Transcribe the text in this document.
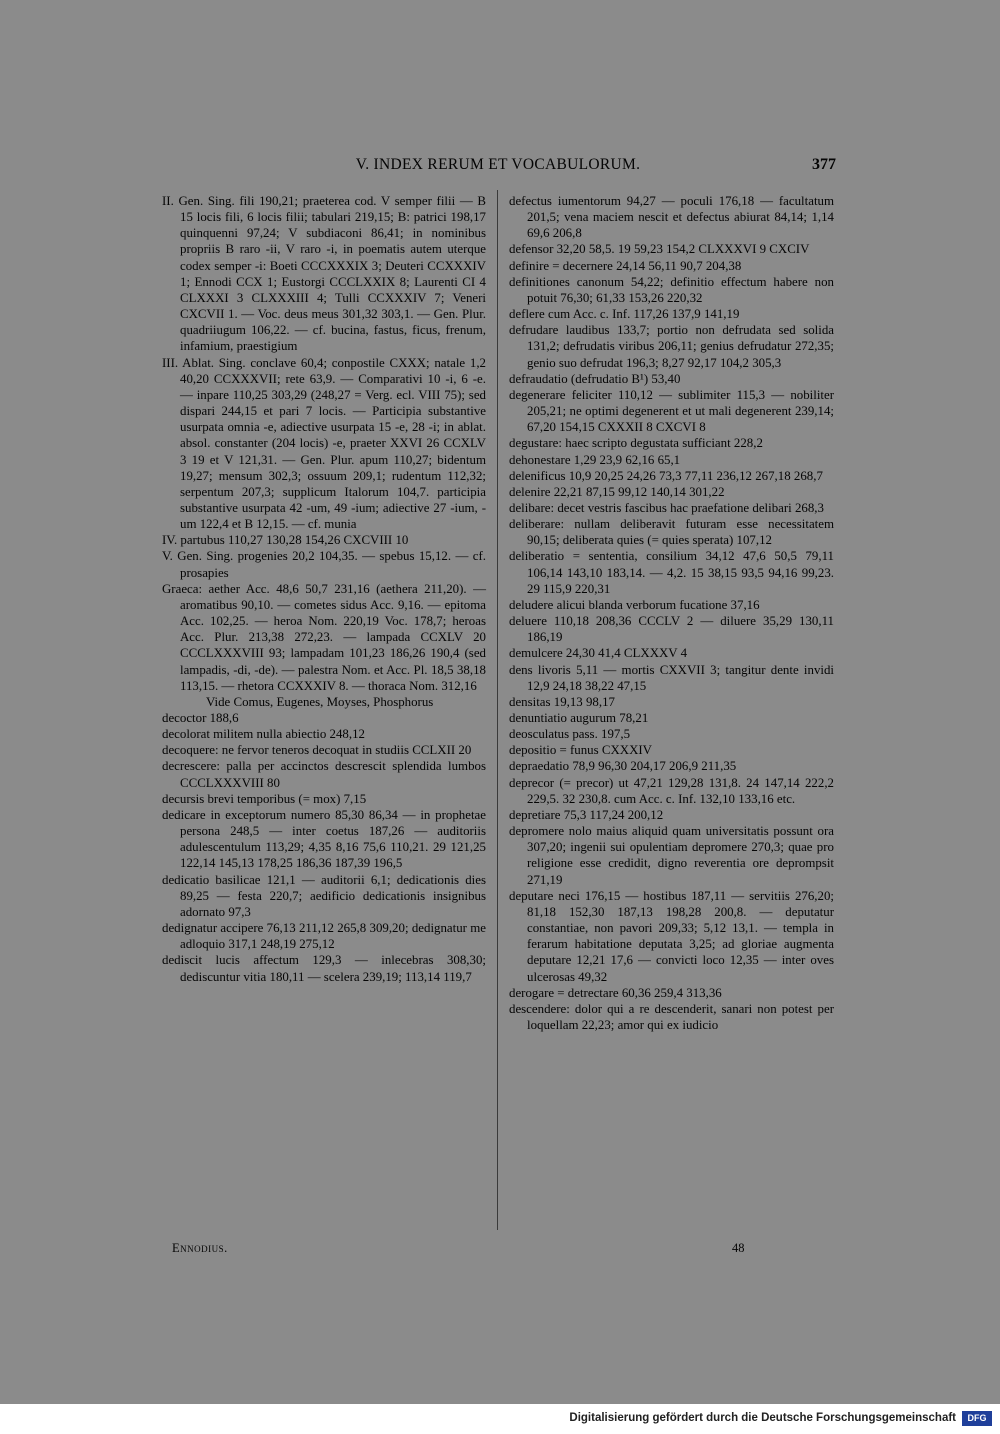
V. INDEX RERUM ET VOCABULORUM.	377

II. Gen. Sing. fili 190,21; praeterea cod. V semper filii — B 15 locis fili, 6 locis filii; tabulari 219,15; B: patrici 198,17 quinquenni 97,24; V subdiaconi 86,41; in nominibus propriis B raro -ii, V raro -i, in poematis autem uterque codex semper -i: Boeti CCCXXXIX 3; Deuteri CCXXXIV 1; Ennodi CCX 1; Eustorgi CCCLXXIX 8; Laurenti CI 4 CLXXXI 3 CLXXXIII 4; Tulli CCXXXIV 7; Veneri CXCVII 1. — Voc. deus meus 301,32 303,1. — Gen. Plur. quadriiugum 106,22. — cf. bucina, fastus, ficus, frenum, infamium, praestigium

III. Ablat. Sing. conclave 60,4; conpostile CXXX; natale 1,2 40,20 CCXXXVII; rete 63,9. — Comparativi 10 -i, 6 -e. — inpare 110,25 303,29 (248,27 = Verg. ecl. VIII 75); sed dispari 244,15 et pari 7 locis. — Participia substantive usurpata omnia -e, adiective usurpata 15 -e, 28 -i; in ablat. absol. constanter (204 locis) -e, praeter XXVI 26 CCXLV 3 19 et V 121,31. — Gen. Plur. apum 110,27; bidentum 19,27; mensum 302,3; ossuum 209,1; rudentum 112,32; serpentum 207,3; supplicum Italorum 104,7. participia substantive usurpata 42 -um, 49 -ium; adiective 27 -ium, -um 122,4 et B 12,15. — cf. munia

IV. partubus 110,27 130,28 154,26 CXCVIII 10

V. Gen. Sing. progenies 20,2 104,35. — spebus 15,12. — cf. prosapies

Graeca: aether Acc. 48,6 50,7 231,16 (aethera 211,20). — aromatibus 90,10. — cometes sidus Acc. 9,16. — epitoma Acc. 102,25. — heroa Nom. 220,19 Voc. 178,7; heroas Acc. Plur. 213,38 272,23. — lampada CCXLV 20 CCCLXXXVIII 93; lampadam 101,23 186,26 190,4 (sed lampadis, -di, -de). — palestra Nom. et Acc. Pl. 18,5 38,18 113,15. — rhetora CCXXXIV 8. — thoraca Nom. 312,16

Vide Comus, Eugenes, Moyses, Phosphorus

decoctor 188,6

decolorat militem nulla abiectio 248,12

decoquere: ne fervor teneros decoquat in studiis CCLXII 20

decrescere: palla per accinctos descrescit splendida lumbos CCCLXXXVIII 80

decursis brevi temporibus (= mox) 7,15

dedicare in exceptorum numero 85,30 86,34 — in prophetae persona 248,5 — inter coetus 187,26 — auditoriis adulescentulum 113,29; 4,35 8,16 75,6 110,21. 29 121,25 122,14 145,13 178,25 186,36 187,39 196,5

dedicatio basilicae 121,1 — auditorii 6,1; dedicationis dies 89,25 — festa 220,7; aedificio dedicationis insignibus adornato 97,3

dedignatur accipere 76,13 211,12 265,8 309,20; dedignatur me adloquio 317,1 248,19 275,12

dediscit lucis affectum 129,3 — inlecebras 308,30; dediscuntur vitia 180,11 — scelera 239,19; 113,14 119,7

defectus iumentorum 94,27 — poculi 176,18 — facultatum 201,5; vena maciem nescit et defectus abiurat 84,14; 1,14 69,6 206,8

defensor 32,20 58,5. 19 59,23 154,2 CLXXXVI 9 CXCIV

definire = decernere 24,14 56,11 90,7 204,38

definitiones canonum 54,22; definitio effectum habere non potuit 76,30; 61,33 153,26 220,32

deflere cum Acc. c. Inf. 117,26 137,9 141,19

defrudare laudibus 133,7; portio non defrudata sed solida 131,2; defrudatis viribus 206,11; genius defrudatur 272,35; genio suo defrudat 196,3; 8,27 92,17 104,2 305,3

defraudatio (defrudatio B¹) 53,40

degenerare feliciter 110,12 — sublimiter 115,3 — nobiliter 205,21; ne optimi degenerent et ut mali degenerent 239,14; 67,20 154,15 CXXXII 8 CXCVI 8

degustare: haec scripto degustata sufficiant 228,2

dehonestare 1,29 23,9 62,16 65,1

delenificus 10,9 20,25 24,26 73,3 77,11 236,12 267,18 268,7

delenire 22,21 87,15 99,12 140,14 301,22

delibare: decet vestris fascibus hac praefatione delibari 268,3

deliberare: nullam deliberavit futuram esse necessitatem 90,15; deliberata quies (= quies sperata) 107,12

deliberatio = sententia, consilium 34,12 47,6 50,5 79,11 106,14 143,10 183,14. — 4,2. 15 38,15 93,5 94,16 99,23. 29 115,9 220,31

deludere alicui blanda verborum fucatione 37,16

deluere 110,18 208,36 CCCLV 2 — diluere 35,29 130,11 186,19

demulcere 24,30 41,4 CLXXXV 4

dens livoris 5,11 — mortis CXXVII 3; tangitur dente invidi 12,9 24,18 38,22 47,15

densitas 19,13 98,17

denuntiatio augurum 78,21

deosculatus pass. 197,5

depositio = funus CXXXIV

depraedatio 78,9 96,30 204,17 206,9 211,35

deprecor (= precor) ut 47,21 129,28 131,8. 24 147,14 222,2 229,5. 32 230,8. cum Acc. c. Inf. 132,10 133,16 etc.

depretiare 75,3 117,24 200,12

depromere nolo maius aliquid quam universitatis possunt ora 307,20; ingenii sui opulentiam depromere 270,3; quae pro religione esse credidit, digno reverentia ore deprompsit 271,19

deputare neci 176,15 — hostibus 187,11 — servitiis 276,20; 81,18 152,30 187,13 198,28 200,8. — deputatur constantiae, non pavori 209,33; 5,12 13,1. — templa in ferarum habitatione deputata 3,25; ad gloriae augmenta deputare 12,21 17,6 — convicti loco 12,35 — inter oves ulcerosas 49,32

derogare = detrectare 60,36 259,4 313,36

descendere: dolor qui a re descenderit, sanari non potest per loquellam 22,23; amor qui ex iudicio

Ennodius.	48
Digitalisierung gefördert durch die Deutsche Forschungsgemeinschaft	DFG
